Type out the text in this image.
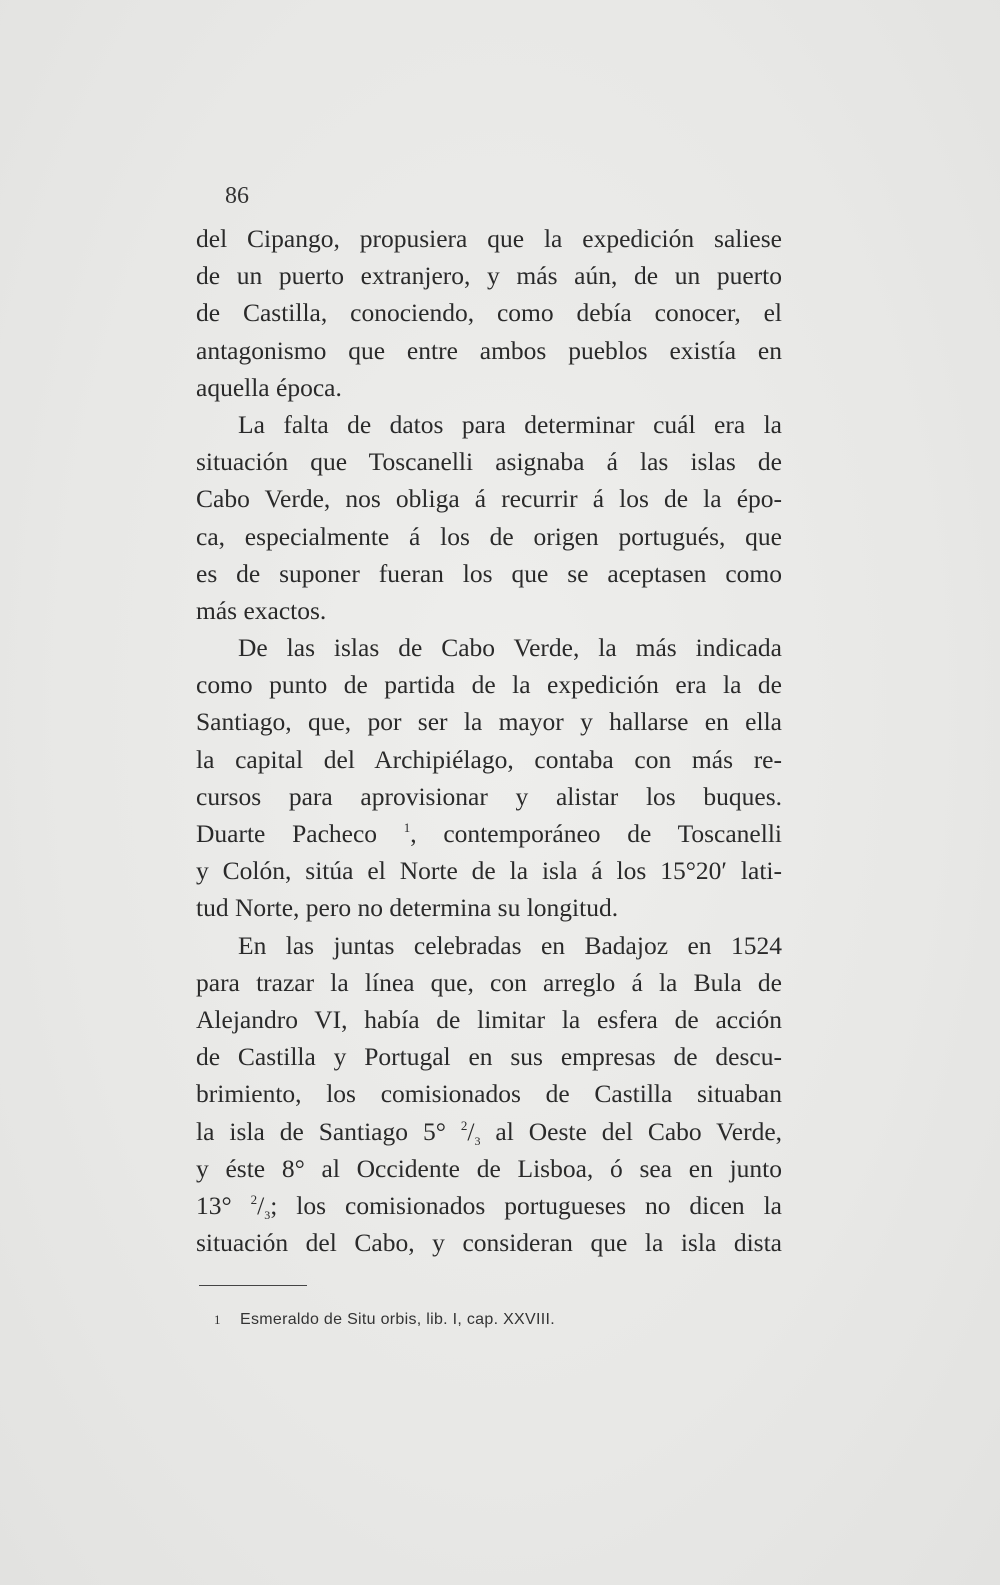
86
del Cipango, propusiera que la expedición saliese
de un puerto extranjero, y más aún, de un puerto
de Castilla, conociendo, como debía conocer, el
antagonismo que entre ambos pueblos existía en
aquella época.
La falta de datos para determinar cuál era la
situación que Toscanelli asignaba á las islas de
Cabo Verde, nos obliga á recurrir á los de la épo-
ca, especialmente á los de origen portugués, que
es de suponer fueran los que se aceptasen como
más exactos.
De las islas de Cabo Verde, la más indicada
como punto de partida de la expedición era la de
Santiago, que, por ser la mayor y hallarse en ella
la capital del Archipiélago, contaba con más re-
cursos para aprovisionar y alistar los buques.
Duarte Pacheco $^1$, contemporáneo de Toscanelli
y Colón, sitúa el Norte de la isla á los 15°20′ lati-
tud Norte, pero no determina su longitud.
En las juntas celebradas en Badajoz en 1524
para trazar la línea que, con arreglo á la Bula de
Alejandro VI, había de limitar la esfera de acción
de Castilla y Portugal en sus empresas de descu-
brimiento, los comisionados de Castilla situaban
la isla de Santiago 5° $^2/_3$ al Oeste del Cabo Verde,
y éste 8° al Occidente de Lisboa, ó sea en junto
13° $^2/_3$; los comisionados portugueses no dicen la
situación del Cabo, y consideran que la isla dista
1 Esmeraldo de Situ orbis, lib. I, cap. XXVIII.
